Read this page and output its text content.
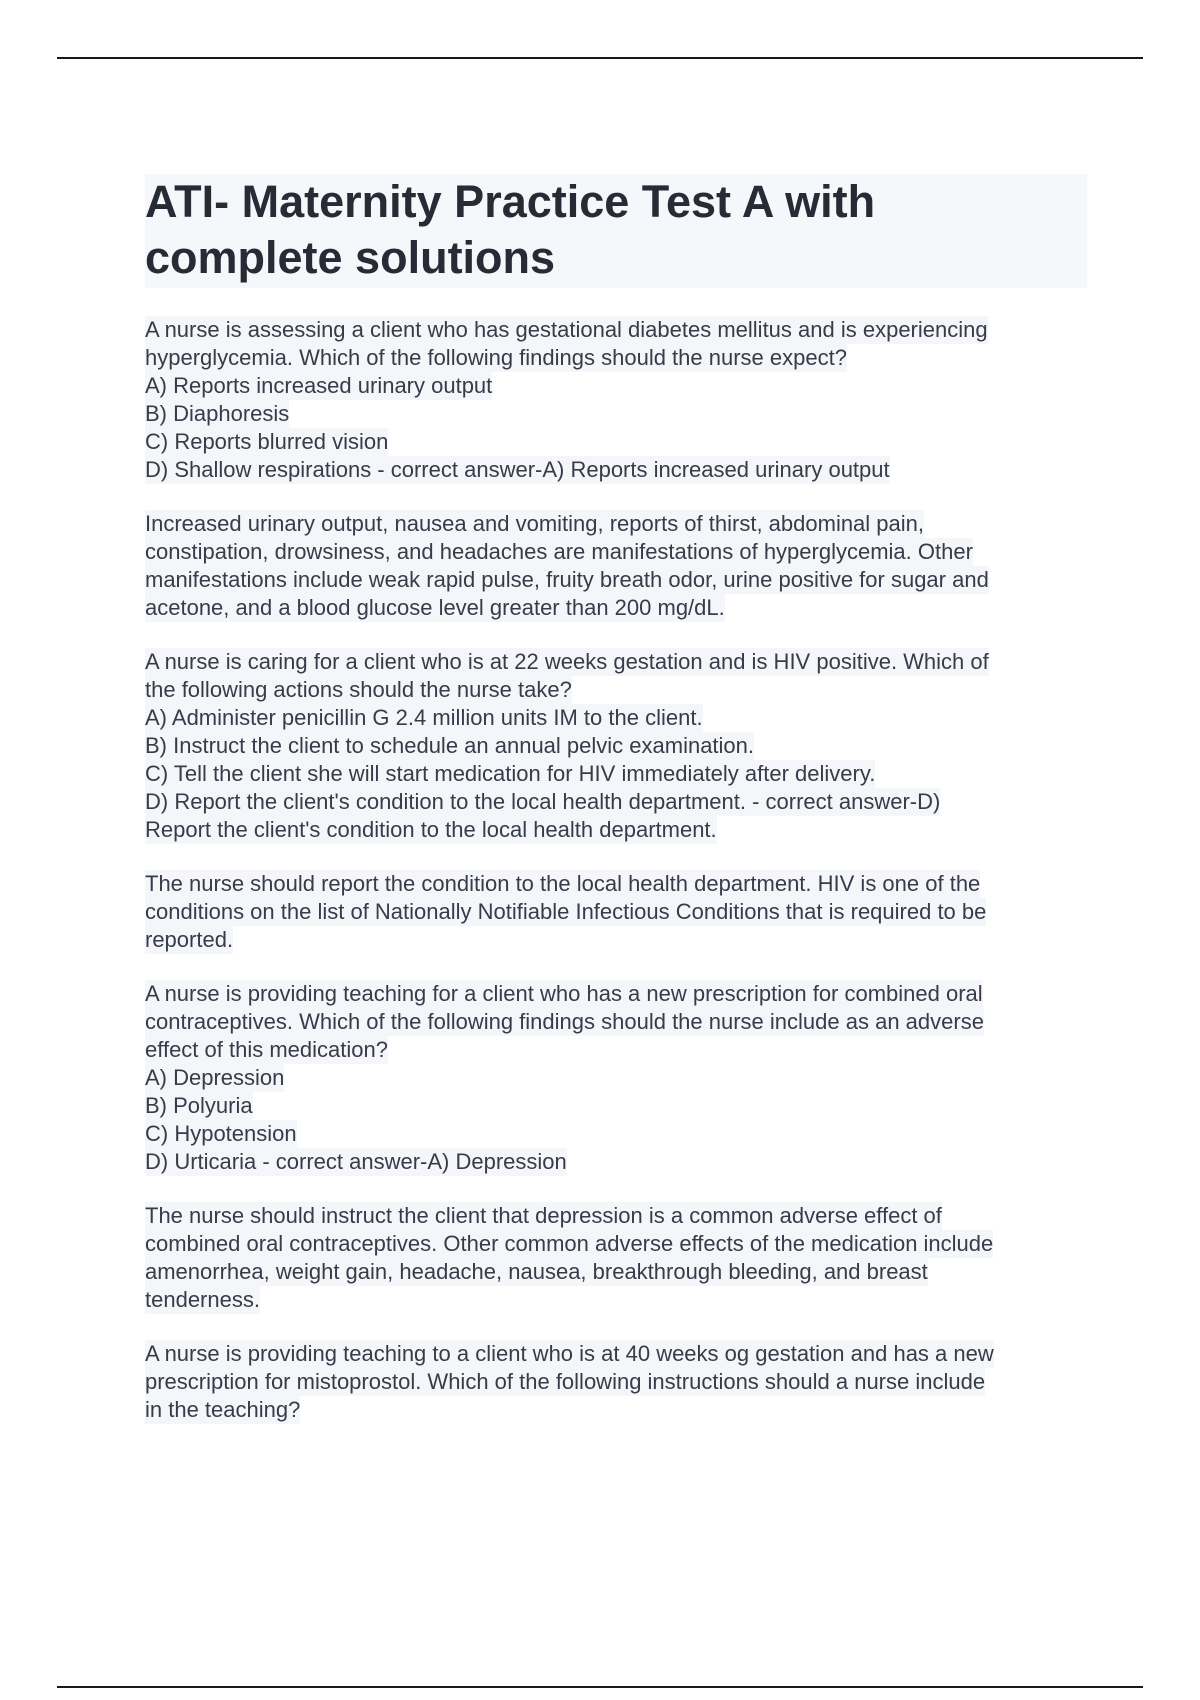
ATI- Maternity Practice Test A with
complete solutions
A nurse is assessing a client who has gestational diabetes mellitus and is experiencing
hyperglycemia. Which of the following findings should the nurse expect?
A) Reports increased urinary output
B) Diaphoresis
C) Reports blurred vision
D) Shallow respirations - correct answer-A) Reports increased urinary output
Increased urinary output, nausea and vomiting, reports of thirst, abdominal pain,
constipation, drowsiness, and headaches are manifestations of hyperglycemia. Other
manifestations include weak rapid pulse, fruity breath odor, urine positive for sugar and
acetone, and a blood glucose level greater than 200 mg/dL.
A nurse is caring for a client who is at 22 weeks gestation and is HIV positive. Which of
the following actions should the nurse take?
A) Administer penicillin G 2.4 million units IM to the client.
B) Instruct the client to schedule an annual pelvic examination.
C) Tell the client she will start medication for HIV immediately after delivery.
D) Report the client's condition to the local health department. - correct answer-D)
Report the client's condition to the local health department.
The nurse should report the condition to the local health department. HIV is one of the
conditions on the list of Nationally Notifiable Infectious Conditions that is required to be
reported.
A nurse is providing teaching for a client who has a new prescription for combined oral
contraceptives. Which of the following findings should the nurse include as an adverse
effect of this medication?
A) Depression
B) Polyuria
C) Hypotension
D) Urticaria - correct answer-A) Depression
The nurse should instruct the client that depression is a common adverse effect of
combined oral contraceptives. Other common adverse effects of the medication include
amenorrhea, weight gain, headache, nausea, breakthrough bleeding, and breast
tenderness.
A nurse is providing teaching to a client who is at 40 weeks og gestation and has a new
prescription for mistoprostol. Which of the following instructions should a nurse include
in the teaching?
